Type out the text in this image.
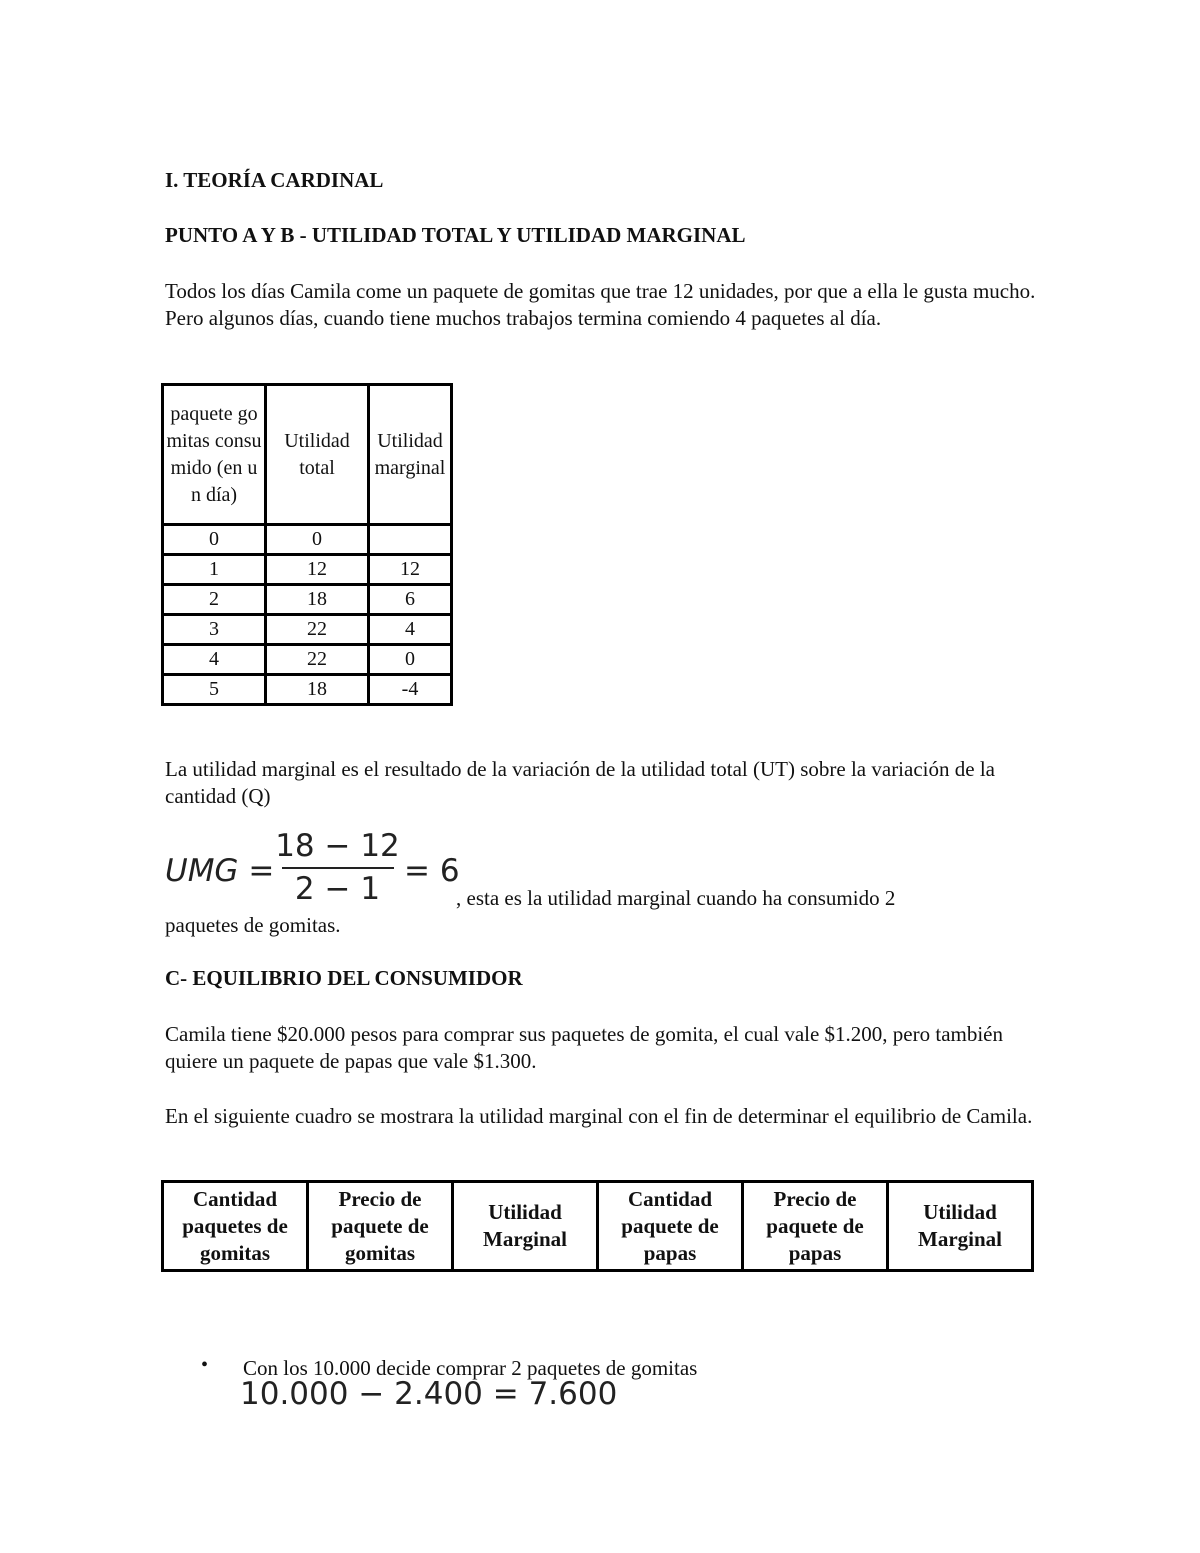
I. TEORÍA CARDINAL
PUNTO A Y B - UTILIDAD TOTAL Y UTILIDAD MARGINAL
Todos los días Camila come un paquete de gomitas que trae 12 unidades, por que a ella le gusta mucho. Pero algunos días, cuando tiene muchos trabajos termina comiendo 4 paquetes al día.
paquete gomitas consumido (en un día)	Utilidad total	Utilidad marginal

0	0	
1	12	12
2	18	6
3	22	4
4	22	0
5	18	-4
La utilidad marginal es el resultado de la variación de la utilidad total (UT) sobre la variación de la cantidad (Q)
UMG =
18 − 12
2 − 1 = 6
, esta es la utilidad marginal cuando ha consumido 2
paquetes de gomitas.
C- EQUILIBRIO DEL CONSUMIDOR
Camila tiene $20.000 pesos para comprar sus paquetes de gomita, el cual vale $1.200, pero también quiere un paquete de papas que vale $1.300.
En el siguiente cuadro se mostrara la utilidad marginal con el fin de determinar el equilibrio de Camila.
Cantidad paquetes de gomitas	Precio de paquete de gomitas	Utilidad Marginal	Cantidad paquete de papas	Precio de paquete de papas	Utilidad Marginal
• Con los 10.000 decide comprar 2 paquetes de gomitas
10.000 − 2.400 = 7.600
